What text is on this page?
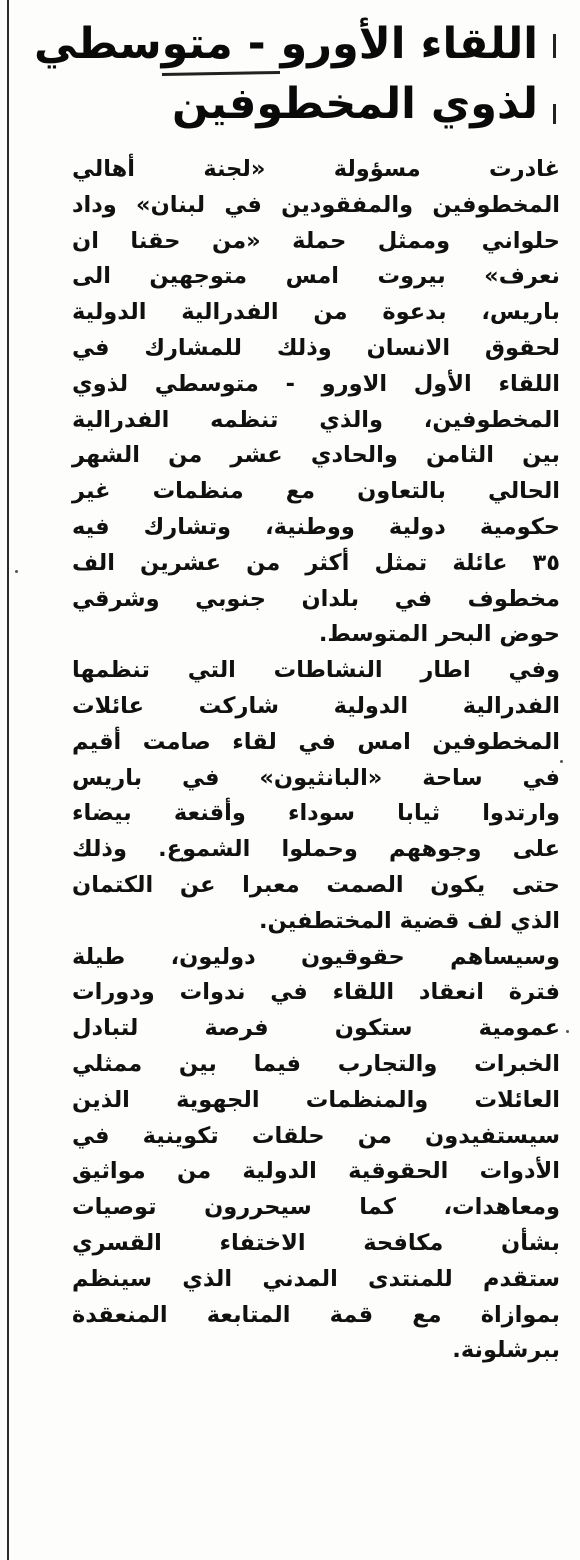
اللقاء الأورو - متوسطي
لذوي المخطوفين
غادرت مسؤولة «لجنة أهالي
المخطوفين والمفقودين في لبنان» وداد
حلواني وممثل حملة «من حقنا ان
نعرف» بيروت امس متوجهين الى
باريس، بدعوة من الفدرالية الدولية
لحقوق الانسان وذلك للمشارك في
اللقاء الأول الاورو - متوسطي لذوي
المخطوفين، والذي تنظمه الفدرالية
بين الثامن والحادي عشر من الشهر
الحالي بالتعاون مع منظمات غير
حكومية دولية ووطنية، وتشارك فيه
٣٥ عائلة تمثل أكثر من عشرين الف
مخطوف في بلدان جنوبي وشرقي
حوض البحر المتوسط.
وفي اطار النشاطات التي تنظمها
الفدرالية الدولية شاركت عائلات
المخطوفين امس في لقاء صامت أقيم
في ساحة «البانثيون» في باريس
وارتدوا ثيابا سوداء وأقنعة بيضاء
على وجوههم وحملوا الشموع. وذلك
حتى يكون الصمت معبرا عن الكتمان
الذي لف قضية المختطفين.
وسيساهم حقوقيون دوليون، طيلة
فترة انعقاد اللقاء في ندوات ودورات
عمومية ستكون فرصة لتبادل
الخبرات والتجارب فيما بين ممثلي
العائلات والمنظمات الجهوية الذين
سيستفيدون من حلقات تكوينية في
الأدوات الحقوقية الدولية من مواثيق
ومعاهدات، كما سيحررون توصيات
بشأن مكافحة الاختفاء القسري
ستقدم للمنتدى المدني الذي سينظم
بموازاة مع قمة المتابعة المنعقدة
ببرشلونة.
